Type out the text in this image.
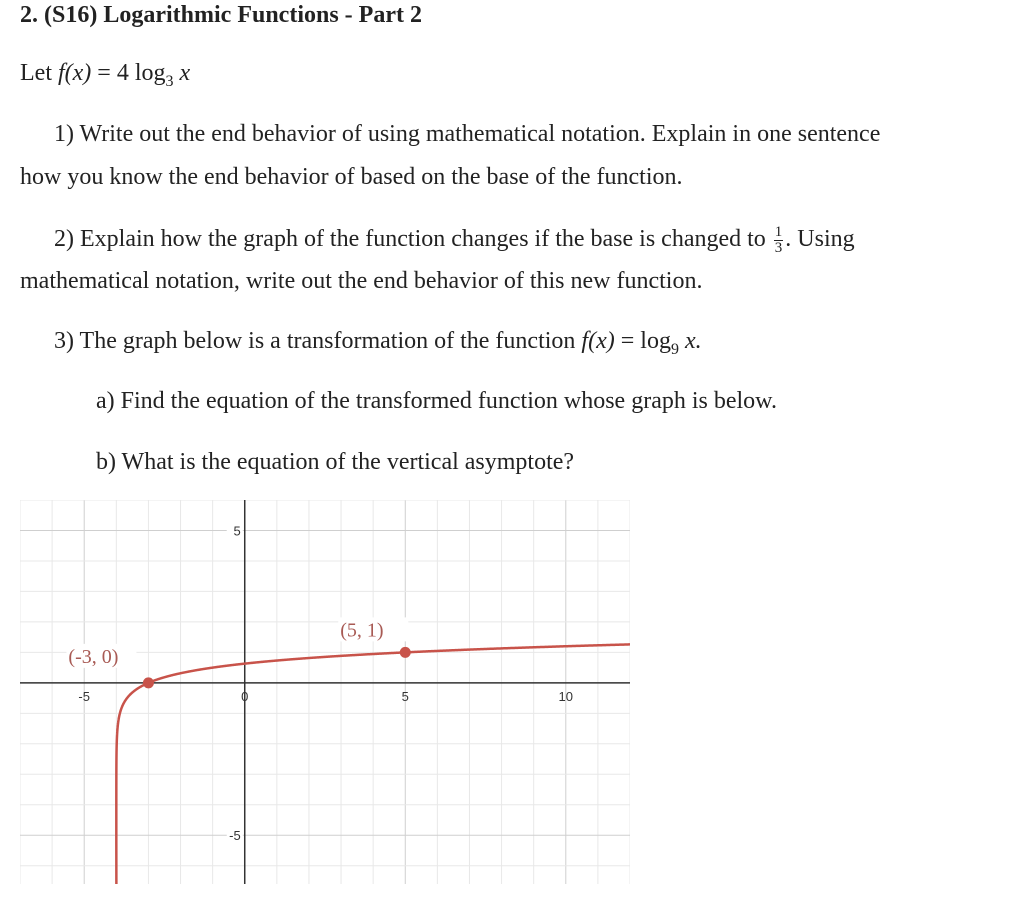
2. (S16) Logarithmic Functions - Part 2
Let f(x) = 4 $\log_3 x$
1) Write out the end behavior of using mathematical notation. Explain in one sentence
how you know the end behavior of based on the base of the function.
2) Explain how the graph of the function changes if the base is changed to $\frac{1}{3}$ . Using
mathematical notation, write out the end behavior of this new function.
3) The graph below is a transformation of the function $f(x) = \log_9 x$.
a) Find the equation of the transformed function whose graph is below.
b) What is the equation of the vertical asymptote?
-5	0	5	10
5
-5
(-3, 0)
(5, 1)
